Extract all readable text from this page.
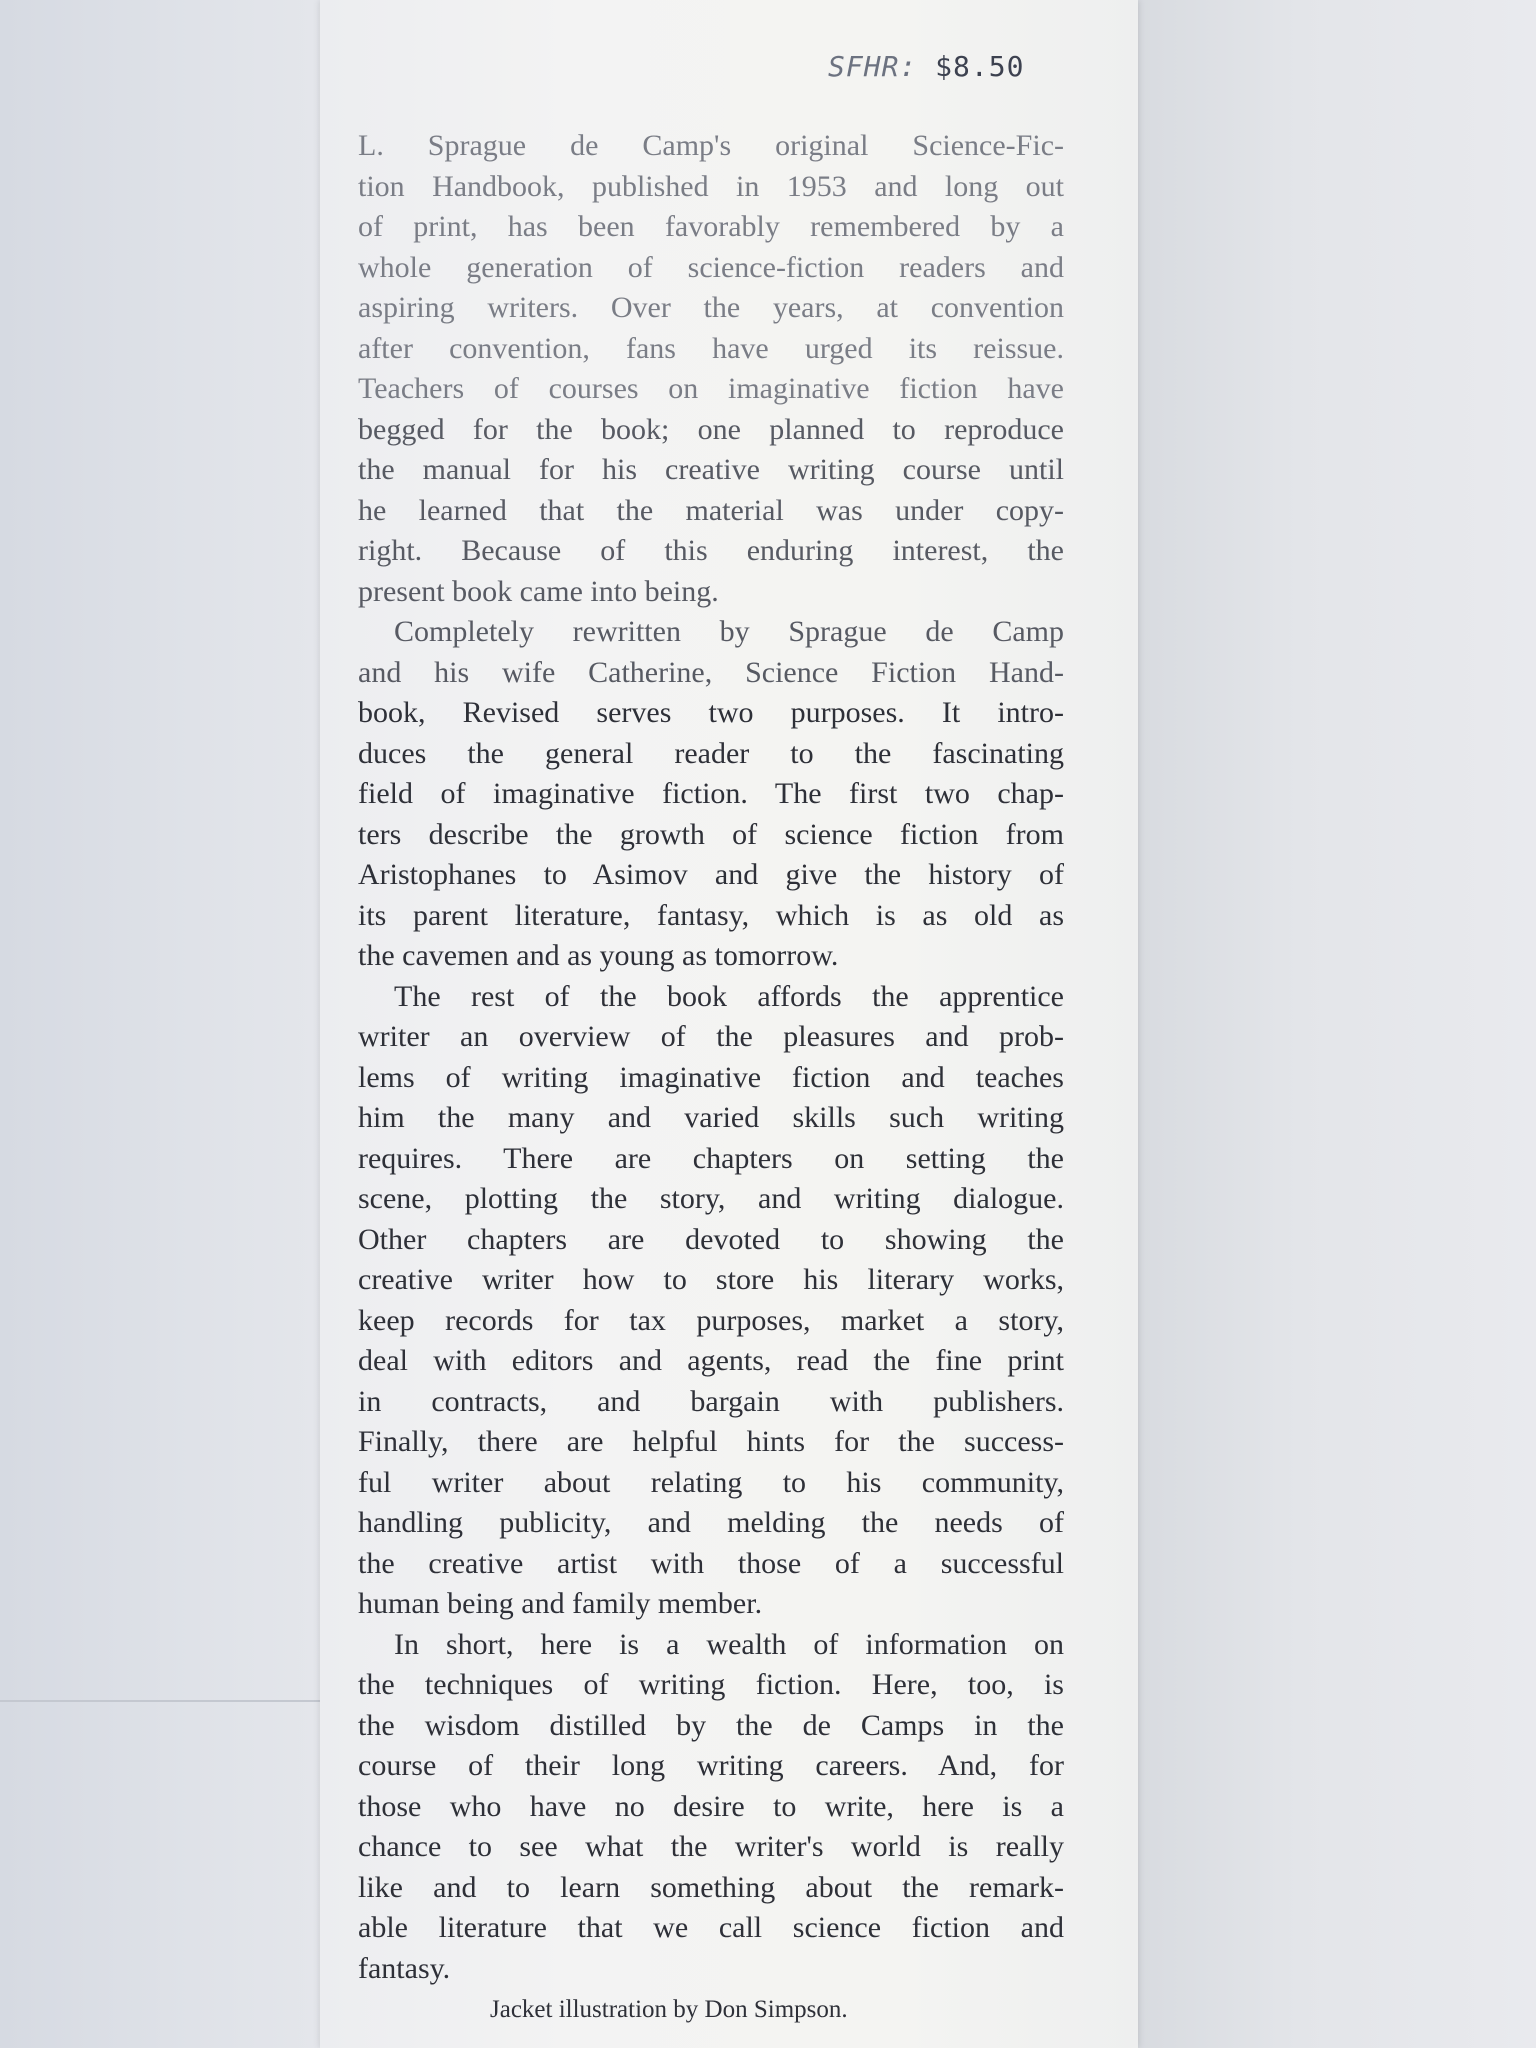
SFHR: $8.50
L. Sprague de Camp's original Science-Fic-
tion Handbook, published in 1953 and long out
of print, has been favorably remembered by a
whole generation of science-fiction readers and
aspiring writers. Over the years, at convention
after convention, fans have urged its reissue.
Teachers of courses on imaginative fiction have
begged for the book; one planned to reproduce
the manual for his creative writing course until
he learned that the material was under copy-
right. Because of this enduring interest, the
present book came into being.
Completely rewritten by Sprague de Camp
and his wife Catherine, Science Fiction Hand-
book, Revised serves two purposes. It intro-
duces the general reader to the fascinating
field of imaginative fiction. The first two chap-
ters describe the growth of science fiction from
Aristophanes to Asimov and give the history of
its parent literature, fantasy, which is as old as
the cavemen and as young as tomorrow.
The rest of the book affords the apprentice
writer an overview of the pleasures and prob-
lems of writing imaginative fiction and teaches
him the many and varied skills such writing
requires. There are chapters on setting the
scene, plotting the story, and writing dialogue.
Other chapters are devoted to showing the
creative writer how to store his literary works,
keep records for tax purposes, market a story,
deal with editors and agents, read the fine print
in contracts, and bargain with publishers.
Finally, there are helpful hints for the success-
ful writer about relating to his community,
handling publicity, and melding the needs of
the creative artist with those of a successful
human being and family member.
In short, here is a wealth of information on
the techniques of writing fiction. Here, too, is
the wisdom distilled by the de Camps in the
course of their long writing careers. And, for
those who have no desire to write, here is a
chance to see what the writer's world is really
like and to learn something about the remark-
able literature that we call science fiction and
fantasy.
Jacket illustration by Don Simpson.
